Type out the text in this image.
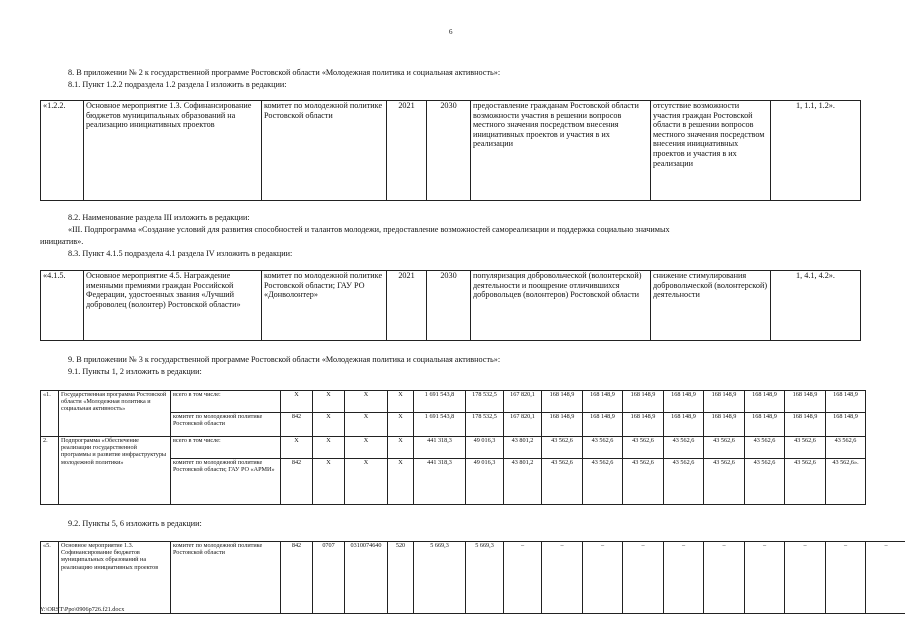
6
8. В приложении № 2 к государственной программе Ростовской области «Молодежная политика и социальная активность»:
8.1. Пункт 1.2.2 подраздела 1.2 раздела I изложить в редакции:
«1.2.2.	Основное мероприятие 1.3. Софинансирование бюджетов муниципальных образований на реализацию инициативных проектов	комитет по молодежной политике Ростовской области	2021	2030	предоставление гражданам Ростовской области возможности участия в решении вопросов местного значения посредством внесения инициативных проектов и участия в их реализации	отсутствие возможности участия граждан Ростовской области в решении вопросов местного значения посредством внесения инициативных проектов и участия в их реализации	1, 1.1, 1.2».
8.2. Наименование раздела III изложить в редакции:
«III. Подпрограмма «Создание условий для развития способностей и талантов молодежи, предоставление возможностей самореализации и поддержка социально значимых
инициатив».
8.3. Пункт 4.1.5 подраздела 4.1 раздела IV изложить в редакции:
«4.1.5.	Основное мероприятие 4.5. Награждение именными премиями граждан Российской Федерации, удостоенных звания «Лучший доброволец (волонтер) Ростовской области»	комитет по молодежной политике Ростовской области; ГАУ РО «Донволонтер»	2021	2030	популяризация добровольческой (волонтерской) деятельности и поощрение отличившихся добровольцев (волонтеров) Ростовской области	снижение стимулирования добровольческой (волонтерской) деятельности	1, 4.1, 4.2».
9. В приложении № 3 к государственной программе Ростовской области «Молодежная политика и социальная активность»:
9.1. Пункты 1, 2 изложить в редакции:
«1.	Государственная программа Ростовской области «Молодежная политика и социальная активность»	всего в том числе:	Х	Х	Х	Х	1 691 543,8	178 532,5	167 820,1	168 148,9	168 148,9	168 148,9	168 148,9	168 148,9	168 148,9	168 148,9	168 148,9
		комитет по молодежной политике Ростовской области	842	Х	Х	Х	1 691 543,8	178 532,5	167 820,1	168 148,9	168 148,9	168 148,9	168 148,9	168 148,9	168 148,9	168 148,9	168 148,9
2.	Подпрограмма «Обеспечение реализации государственной программы и развитие инфраструктуры молодежной политики»	всего в том числе:	Х	Х	Х	Х	441 318,3	49 016,3	43 801,2	43 562,6	43 562,6	43 562,6	43 562,6	43 562,6	43 562,6	43 562,6	43 562,6
		комитет по молодежной политике Ростовской области; ГАУ РО «АРМИ»	842	Х	Х	Х	441 318,3	49 016,3	43 801,2	43 562,6	43 562,6	43 562,6	43 562,6	43 562,6	43 562,6	43 562,6	43 562,6».
9.2. Пункты 5, 6 изложить в редакции:
«5.	Основное мероприятие 1.3. Софинансирование бюджетов муниципальных образований на реализацию инициативных проектов	комитет по молодежной политике Ростовской области	842	0707	0310074640	520	5 669,3	5 669,3	–	–	–	–	–	–	–	–	–	–
Y:\ORST\Ppo\0906p726.f21.docx
